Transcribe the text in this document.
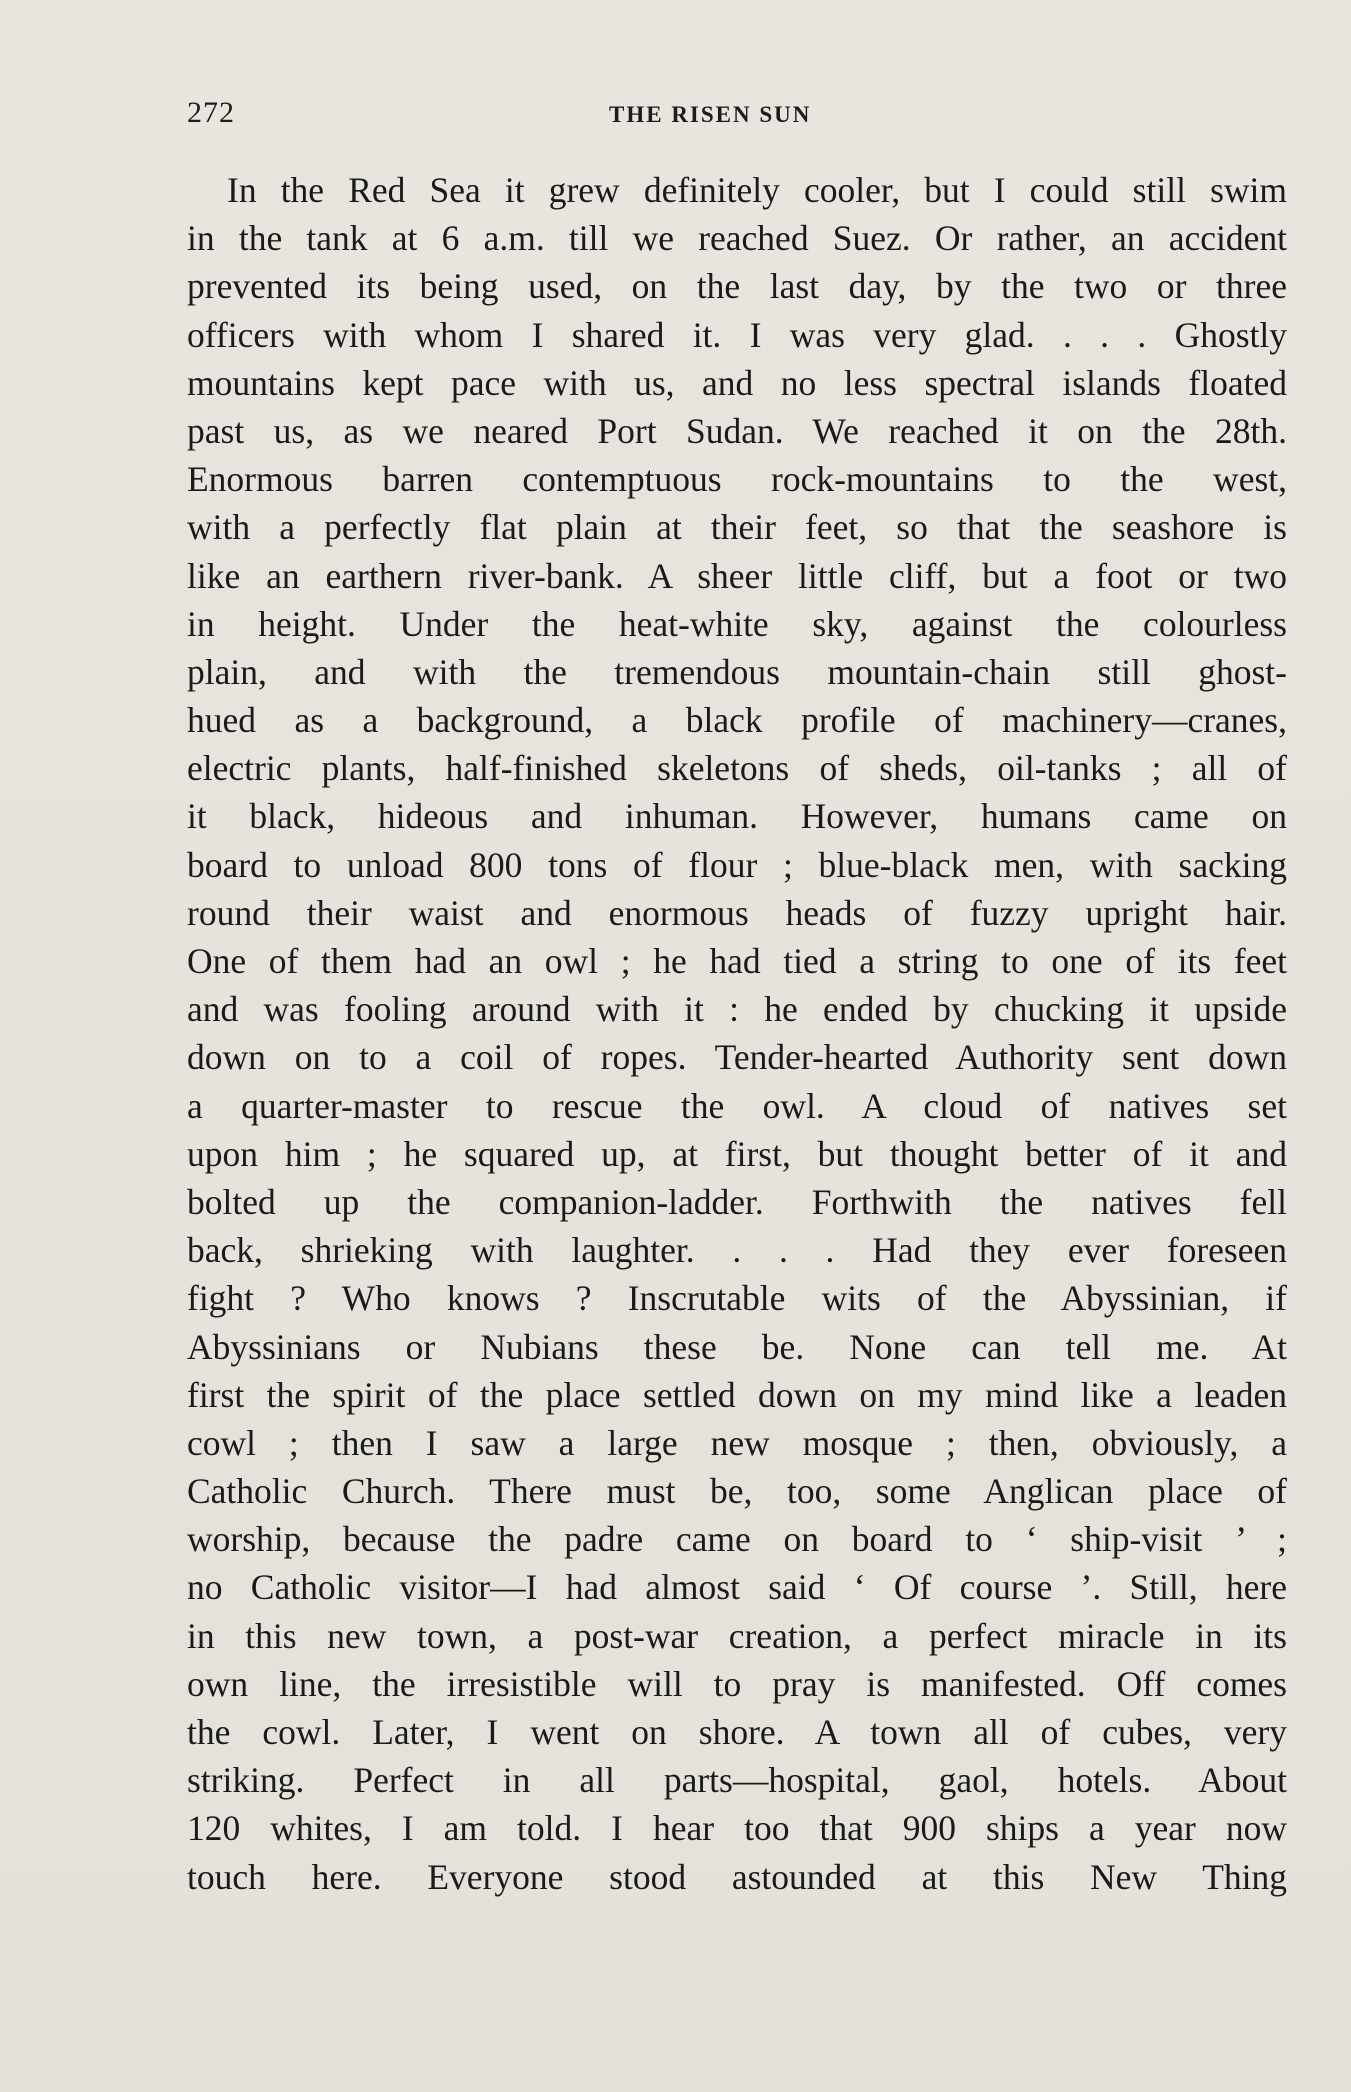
272	THE RISEN SUN
In the Red Sea it grew definitely cooler, but I could still swim
in the tank at 6 a.m. till we reached Suez. Or rather, an accident
prevented its being used, on the last day, by the two or three
officers with whom I shared it. I was very glad. . . . Ghostly
mountains kept pace with us, and no less spectral islands floated
past us, as we neared Port Sudan. We reached it on the 28th.
Enormous barren contemptuous rock-mountains to the west,
with a perfectly flat plain at their feet, so that the seashore is
like an earthern river-bank. A sheer little cliff, but a foot or two
in height. Under the heat-white sky, against the colourless
plain, and with the tremendous mountain-chain still ghost-
hued as a background, a black profile of machinery—cranes,
electric plants, half-finished skeletons of sheds, oil-tanks ; all of
it black, hideous and inhuman. However, humans came on
board to unload 800 tons of flour ; blue-black men, with sacking
round their waist and enormous heads of fuzzy upright hair.
One of them had an owl ; he had tied a string to one of its feet
and was fooling around with it : he ended by chucking it upside
down on to a coil of ropes. Tender-hearted Authority sent down
a quarter-master to rescue the owl. A cloud of natives set
upon him ; he squared up, at first, but thought better of it and
bolted up the companion-ladder. Forthwith the natives fell
back, shrieking with laughter. . . . Had they ever foreseen
fight ? Who knows ? Inscrutable wits of the Abyssinian, if
Abyssinians or Nubians these be. None can tell me. At
first the spirit of the place settled down on my mind like a leaden
cowl ; then I saw a large new mosque ; then, obviously, a
Catholic Church. There must be, too, some Anglican place of
worship, because the padre came on board to ‘ ship-visit ’ ;
no Catholic visitor—I had almost said ‘ Of course ’. Still, here
in this new town, a post-war creation, a perfect miracle in its
own line, the irresistible will to pray is manifested. Off comes
the cowl. Later, I went on shore. A town all of cubes, very
striking. Perfect in all parts—hospital, gaol, hotels. About
120 whites, I am told. I hear too that 900 ships a year now
touch here. Everyone stood astounded at this New Thing
